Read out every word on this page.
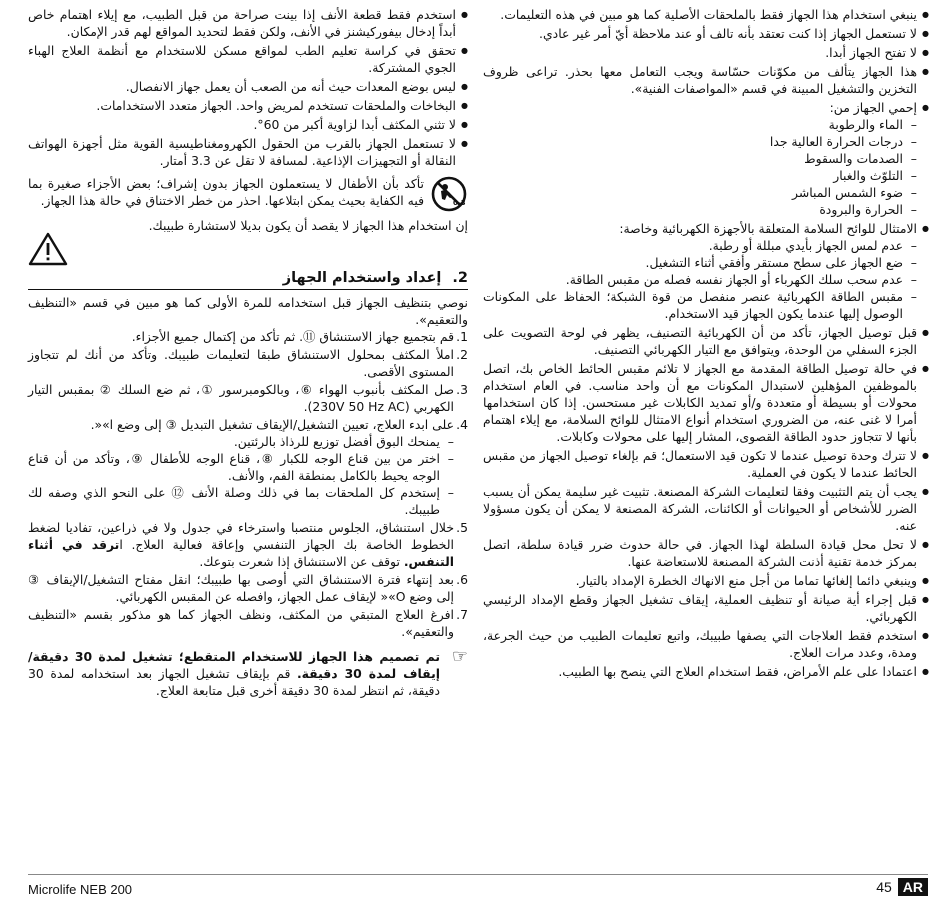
● ينبغي استخدام هذا الجهاز فقط بالملحقات الأصلية كما هو مبين في هذه التعليمات.
● لا تستعمل الجهاز إذا كنت تعتقد بأنه تالف أو عند ملاحظة أيّ أمر غير عادي.
● لا تفتح الجهاز أبدا.
● هذا الجهاز يتألف من مكوّنات حسّاسة ويجب التعامل معها بحذر. تراعى ظروف التخزين والتشغيل المبينة في قسم «المواصفات الفنية».
● إحمي الجهاز من:
– الماء والرطوبة
– درجات الحرارة العالية جدا
– الصدمات والسقوط
– التلوّث والغبار
– ضوء الشمس المباشر
– الحرارة والبرودة
● الامتثال للوائح السلامة المتعلقة بالأجهزة الكهربائية وخاصة:
– عدم لمس الجهاز بأيدي مبللة أو رطبة.
– ضع الجهاز على سطح مستقر وأفقي أثناء التشغيل.
– عدم سحب سلك الكهرباء أو الجهاز نفسه فصله من مقبس الطاقة.
– مقبس الطاقة الكهربائية عنصر منفصل من قوة الشبكة؛ الحفاظ على المكونات الوصول إليها عندما يكون الجهاز قيد الاستخدام.
● قبل توصيل الجهاز، تأكد من أن الكهربائية التصنيف، يظهر في لوحة التصويت على الجزء السفلي من الوحدة، ويتوافق مع التيار الكهربائي التصنيف.
● في حالة توصيل الطاقة المقدمة مع الجهاز لا تلائم مقبس الحائط الخاص بك، اتصل بالموظفين المؤهلين لاستبدال المكونات مع أن واحد مناسب. في العام استخدام محولات أو بسيطة أو متعددة و/أو تمديد الكابلات غير مستحسن. إذا كان استخدامها أمرا لا غنى عنه، من الضروري استخدام أنواع الامتثال للوائح السلامة، مع إيلاء اهتمام بأنها لا تتجاوز حدود الطاقة القصوى، المشار إليها على محولات وكابلات.
● لا تترك وحدة توصيل عندما لا تكون قيد الاستعمال؛ قم بإلغاء توصيل الجهاز من مقبس الحائط عندما لا يكون في العملية.
● يجب أن يتم التثبيت وفقا لتعليمات الشركة المصنعة. تثبيت غير سليمة يمكن أن يسبب الضرر للأشخاص أو الحيوانات أو الكائنات، الشركة المصنعة لا يمكن أن يكون مسؤولا عنه.
● لا تحل محل قيادة السلطة لهذا الجهاز. في حالة حدوث ضرر قيادة سلطة، اتصل بمركز خدمة تقنية أذنت الشركة المصنعة للاستعاضة عنها.
● وينبغي دائما إلغائها تماما من أجل منع الانهاك الخطرة الإمداد بالتيار.
● قبل إجراء أية صيانة أو تنظيف العملية، إيقاف تشغيل الجهاز وقطع الإمداد الرئيسي الكهربائي.
● استخدم فقط العلاجات التي يصفها طبيبك، واتبع تعليمات الطبيب من حيث الجرعة، ومدة، وعدد مرات العلاج.
● اعتمادا على علم الأمراض، فقط استخدام العلاج التي ينصح بها الطبيب.
● استخدم فقط قطعة الأنف إذا بينت صراحة من قبل الطبيب، مع إيلاء اهتمام خاص أبداً إدخال بيفوركيشنز في الأنف، ولكن فقط لتحديد المواقع لهم قدر الإمكان.
● تحقق في كراسة تعليم الطب لمواقع مسكن للاستخدام مع أنظمة العلاج الهباء الجوي المشتركة.
● ليس بوضع المعدات حيث أنه من الصعب أن يعمل جهاز الانفصال.
● البخاخات والملحقات تستخدم لمريض واحد. الجهاز متعدد الاستخدامات.
● لا تثني المكثف أبدا لزاوية أكبر من 60°.
● لا تستعمل الجهاز بالقرب من الحقول الكهرومغناطيسية القوية مثل أجهزة الهواتف النقالة أو التجهيزات الإذاعية. لمسافة لا تقل عن 3.3 أمتار.
0-3
تأكد بأن الأطفال لا يستعملون الجهاز بدون إشراف؛ بعض الأجزاء صغيرة بما فيه الكفاية بحيث يمكن ابتلاعها. احذر من خطر الاختناق في حالة هذا الجهاز.
إن استخدام هذا الجهاز لا يقصد أن يكون بديلا لاستشارة طبيبك.
2. إعداد واستخدام الجهاز
نوصي بتنظيف الجهاز قبل استخدامه للمرة الأولى كما هو مبين في قسم «التنظيف والتعقيم».
1.
قم بتجميع جهاز الاستنشاق ⑪. ثم تأكد من إكتمال جميع الأجزاء.
2.
املأ المكثف بمحلول الاستنشاق طبقا لتعليمات طبيبك. وتأكد من أنك لم تتجاوز المستوى الأقصى.
3.
صل المكثف بأنبوب الهواء ⑥، وبالكومبرسور ①، ثم ضع السلك ② بمقبس التيار الكهربي (230V 50 Hz AC).
4.
على ابدء العلاج، تعيين التشغيل/الإيقاف تشغيل التبديل ③ إلى وضع ا»«.
– يمنحك البوق أفضل توزيع للرذاذ بالرئتين.
– اختر من بين قناع الوجه للكبار ⑧، قناع الوجه للأطفال ⑨، وتأكد من أن قناع الوجه يحيط بالكامل بمنطقة الفم، والأنف.
– إستخدم كل الملحقات بما في ذلك وصلة الأنف ⑫ على النحو الذي وصفه لك طبيبك.
5.
خلال استنشاق، الجلوس منتصبا واسترخاء في جدول ولا في ذراعين، تفاديا لضغط الخطوط الخاصة بك الجهاز التنفسي وإعاقة فعالية العلاج. اترقد في أثناء التنفس. توقف عن الاستنشاق إذا شعرت بتوعك.
6.
بعد إنتهاء فترة الاستنشاق التي أوصى بها طبيبك؛ انقل مفتاح التشغيل/الإيقاف ③ إلى وضع O»« لإيقاف عمل الجهاز، وافصله عن المقبس الكهربائي.
7.
افرغ العلاج المتبقي من المكثف، ونظف الجهاز كما هو مذكور بقسم «التنظيف والتعقيم».
☞
تم تصميم هذا الجهاز للاستخدام المتقطع؛ تشغيل لمدة 30 دقيقة/ إيقاف لمدة 30 دقيقة. قم بإيقاف تشغيل الجهاز بعد استخدامه لمدة 30 دقيقة، ثم انتظر لمدة 30 دقيقة أخرى قبل متابعة العلاج.
Microlife NEB 200	45 AR
